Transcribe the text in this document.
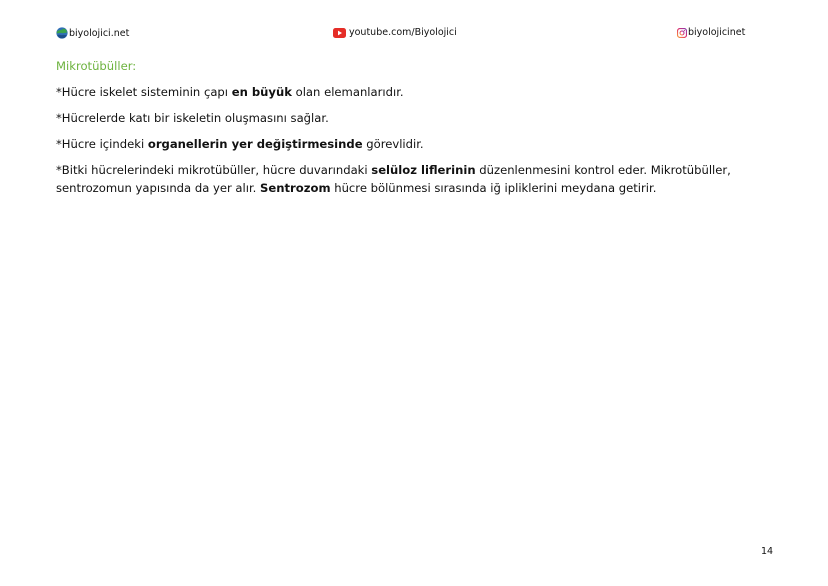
biyolojici.net	youtube.com/Biyolojici	biyolojicinet
Mikrotübüller:
*Hücre iskelet sisteminin çapı en büyük olan elemanlarıdır.
*Hücrelerde katı bir iskeletin oluşmasını sağlar.
*Hücre içindeki organellerin yer değiştirmesinde görevlidir.
*Bitki hücrelerindeki mikrotübüller, hücre duvarındaki selüloz liflerinin düzenlenmesini kontrol eder. Mikrotübüller, sentrozomun yapısında da yer alır. Sentrozom hücre bölünmesi sırasında iğ ipliklerini meydana getirir.
14
